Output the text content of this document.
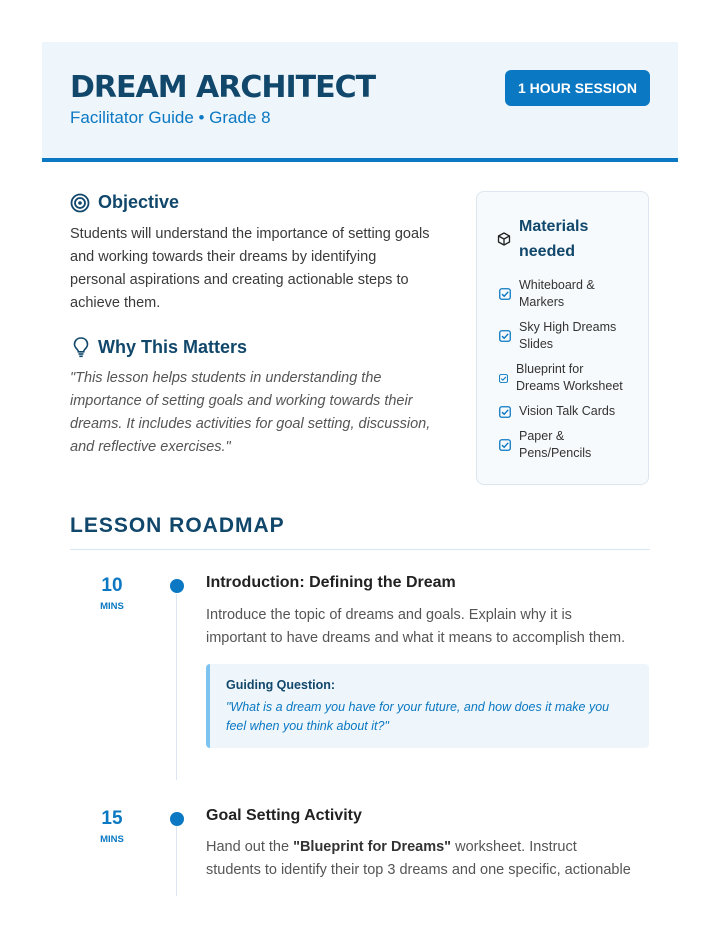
DREAM ARCHITECT
Facilitator Guide • Grade 8
1 HOUR SESSION
Objective
Students will understand the importance of setting goals
and working towards their dreams by identifying
personal aspirations and creating actionable steps to
achieve them.
Why This Matters
"This lesson helps students in understanding the
importance of setting goals and working towards their
dreams. It includes activities for goal setting, discussion,
and reflective exercises."
Materials
needed
Whiteboard &
Markers
Sky High Dreams
Slides
Blueprint for
Dreams Worksheet
Vision Talk Cards
Paper &
Pens/Pencils
LESSON ROADMAP
10
MINS
Introduction: Defining the Dream
Introduce the topic of dreams and goals. Explain why it is
important to have dreams and what it means to accomplish them.
Guiding Question:
"What is a dream you have for your future, and how does it make you
feel when you think about it?"
15
MINS
Goal Setting Activity
Hand out the "Blueprint for Dreams" worksheet. Instruct
students to identify their top 3 dreams and one specific, actionable
